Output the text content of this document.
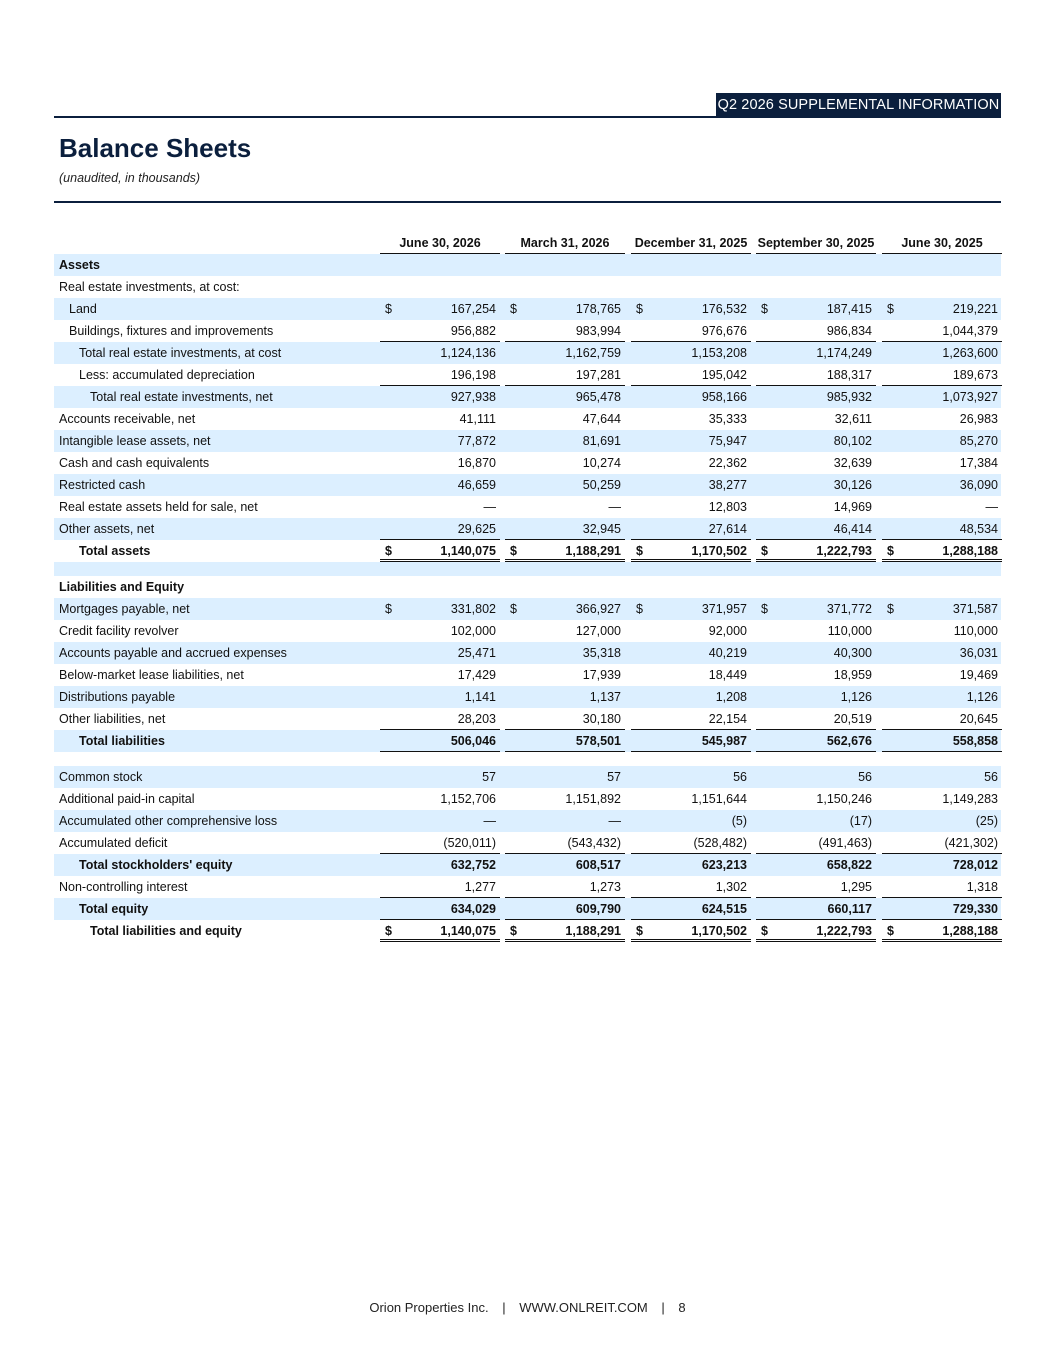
Q2 2026 SUPPLEMENTAL INFORMATION
Balance Sheets
(unaudited, in thousands)
June 30, 2026	March 31, 2026	December 31, 2025 September 30, 2025	June 30, 2025
Assets
Real estate investments, at cost:
Land	$	167,254 $	178,765 $	176,532 $	187,415 $	219,221
Buildings, fixtures and improvements	956,882	983,994	976,676	986,834	1,044,379
Total real estate investments, at cost	1,124,136	1,162,759	1,153,208	1,174,249	1,263,600
Less: accumulated depreciation	196,198	197,281	195,042	188,317	189,673
Total real estate investments, net	927,938	965,478	958,166	985,932	1,073,927
Accounts receivable, net	41,111	47,644	35,333	32,611	26,983
Intangible lease assets, net	77,872	81,691	75,947	80,102	85,270
Cash and cash equivalents	16,870	10,274	22,362	32,639	17,384
Restricted cash	46,659	50,259	38,277	30,126	36,090
Real estate assets held for sale, net	—	—	12,803	14,969	—
Other assets, net	29,625	32,945	27,614	46,414	48,534
Total assets	$	1,140,075 $	1,188,291 $	1,170,502 $	1,222,793 $	1,288,188
Liabilities and Equity
Mortgages payable, net	$	331,802 $	366,927 $	371,957 $	371,772 $	371,587
Credit facility revolver	102,000	127,000	92,000	110,000	110,000
Accounts payable and accrued expenses	25,471	35,318	40,219	40,300	36,031
Below-market lease liabilities, net	17,429	17,939	18,449	18,959	19,469
Distributions payable	1,141	1,137	1,208	1,126	1,126
Other liabilities, net	28,203	30,180	22,154	20,519	20,645
Total liabilities	506,046	578,501	545,987	562,676	558,858
Common stock	57	57	56	56	56
Additional paid-in capital	1,152,706	1,151,892	1,151,644	1,150,246	1,149,283
Accumulated other comprehensive loss	—	—	(5)	(17)	(25)
Accumulated deficit	(520,011)	(543,432)	(528,482)	(491,463)	(421,302)
Total stockholders' equity	632,752	608,517	623,213	658,822	728,012
Non-controlling interest	1,277	1,273	1,302	1,295	1,318
Total equity	634,029	609,790	624,515	660,117	729,330
Total liabilities and equity	$	1,140,075 $	1,188,291 $	1,170,502 $	1,222,793 $	1,288,188
Orion Properties Inc. | WWW.ONLREIT.COM | 8
